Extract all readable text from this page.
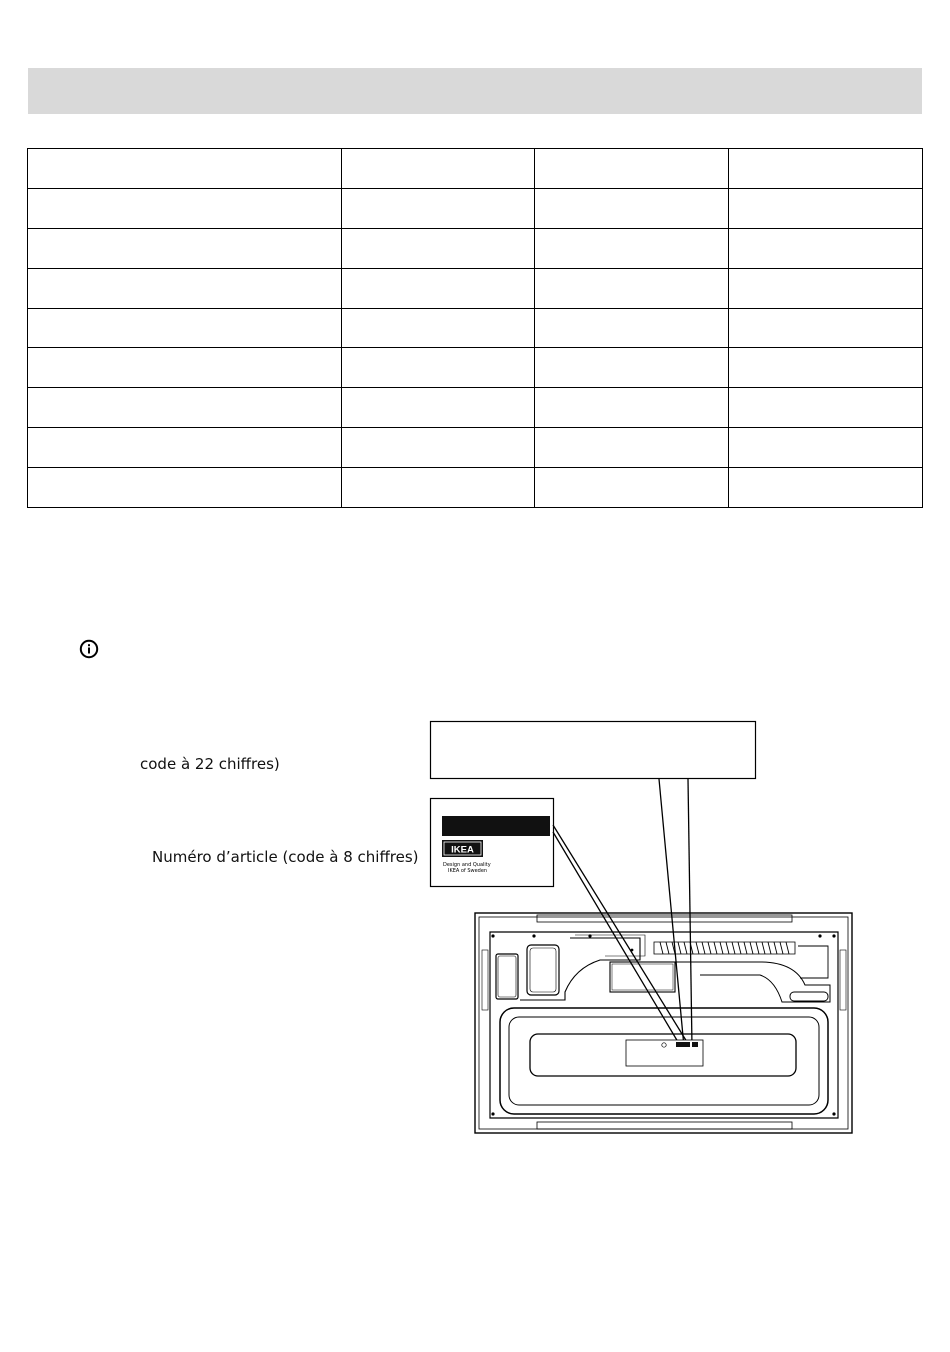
code à 22 chiffres)
Numéro d’article (code à 8 chiffres)	IKEA
Design and Quality
IKEA of Sweden
